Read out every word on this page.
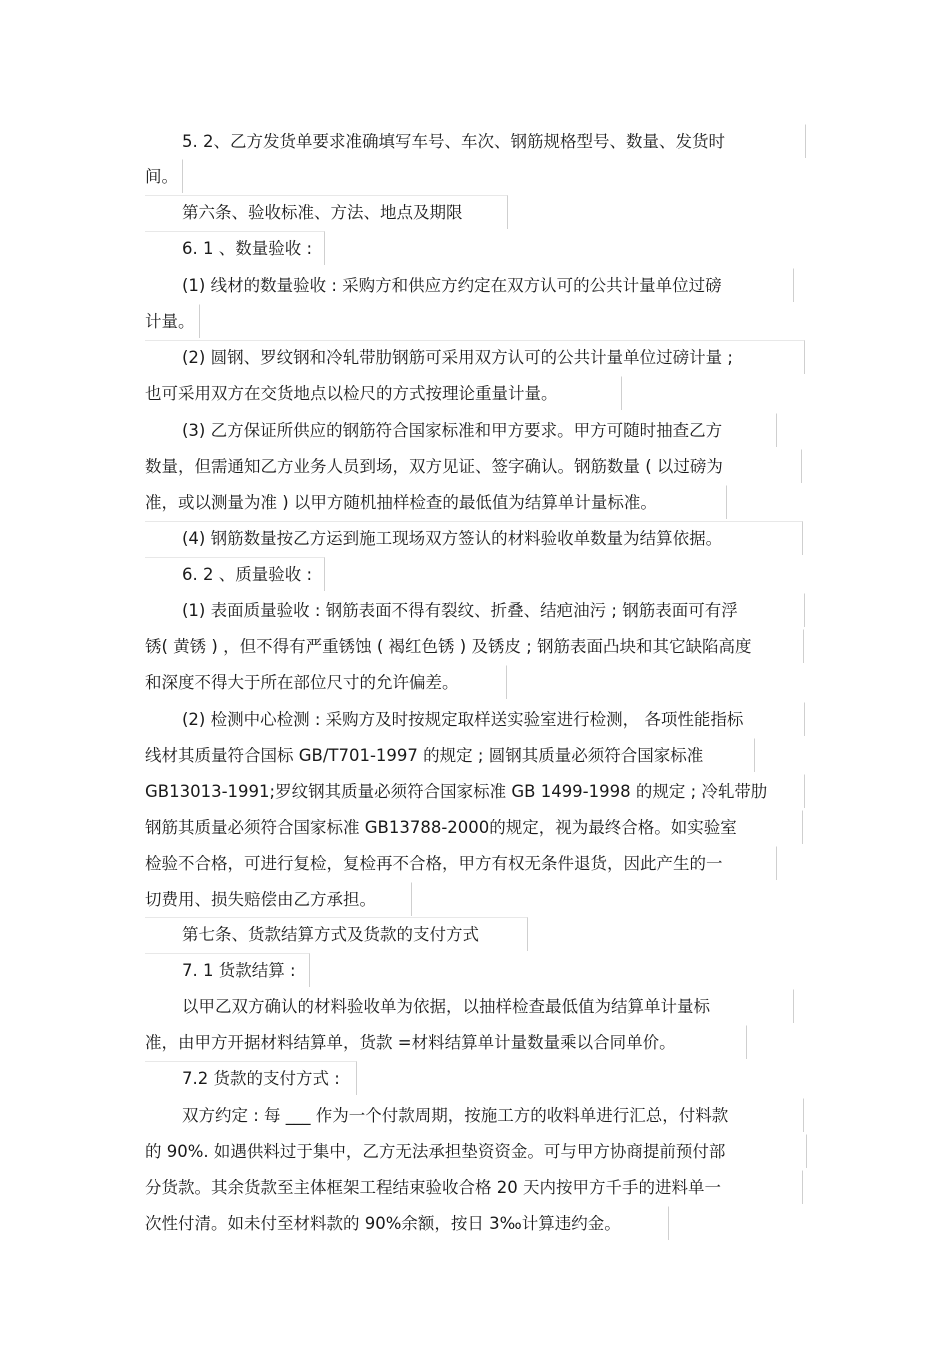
5. 2、乙方发货单要求准确填写车号、车次、钢筋规格型号、数量、发货时
间。
第六条、验收标准、方法、地点及期限
6. 1 、数量验收 :
(1) 线材的数量验收 : 采购方和供应方约定在双方认可的公共计量单位过磅
计量。
(2) 圆钢、罗纹钢和冷轧带肋钢筋可采用双方认可的公共计量单位过磅计量 ;
也可采用双方在交货地点以检尺的方式按理论重量计量。
(3) 乙方保证所供应的钢筋符合国家标准和甲方要求。甲方可随时抽查乙方
数量，但需通知乙方业务人员到场，双方见证、签字确认。钢筋数量 ( 以过磅为
准，或以测量为准 ) 以甲方随机抽样检查的最低值为结算单计量标准。
(4) 钢筋数量按乙方运到施工现场双方签认的材料验收单数量为结算依据。
6. 2 、质量验收 :
(1) 表面质量验收 : 钢筋表面不得有裂纹、折叠、结疤油污 ; 钢筋表面可有浮
锈( 黄锈 ) ，但不得有严重锈蚀 ( 褐红色锈 ) 及锈皮 ; 钢筋表面凸块和其它缺陷高度
和深度不得大于所在部位尺寸的允许偏差。
(2) 检测中心检测 : 采购方及时按规定取样送实验室进行检测， 各项性能指标
线材其质量符合国标 GB/T701-1997 的规定 ; 圆钢其质量必须符合国家标准
GB13013-1991;罗纹钢其质量必须符合国家标准 GB 1499-1998 的规定 ; 冷轧带肋
钢筋其质量必须符合国家标准 GB13788-2000的规定，视为最终合格。如实验室
检验不合格，可进行复检，复检再不合格，甲方有权无条件退货，因此产生的一
切费用、损失赔偿由乙方承担。
第七条、货款结算方式及货款的支付方式
7. 1 货款结算 :
以甲乙双方确认的材料验收单为依据，以抽样检查最低值为结算单计量标
准，由甲方开据材料结算单，货款 =材料结算单计量数量乘以合同单价。
7.2 货款的支付方式 :
双方约定 : 每 ___ 作为一个付款周期，按施工方的收料单进行汇总，付料款
的 90%. 如遇供料过于集中，乙方无法承担垫资资金。可与甲方协商提前预付部
分货款。其余货款至主体框架工程结束验收合格 20 天内按甲方千手的进料单一
次性付清。如未付至材料款的 90%余额，按日 3‰计算违约金。
